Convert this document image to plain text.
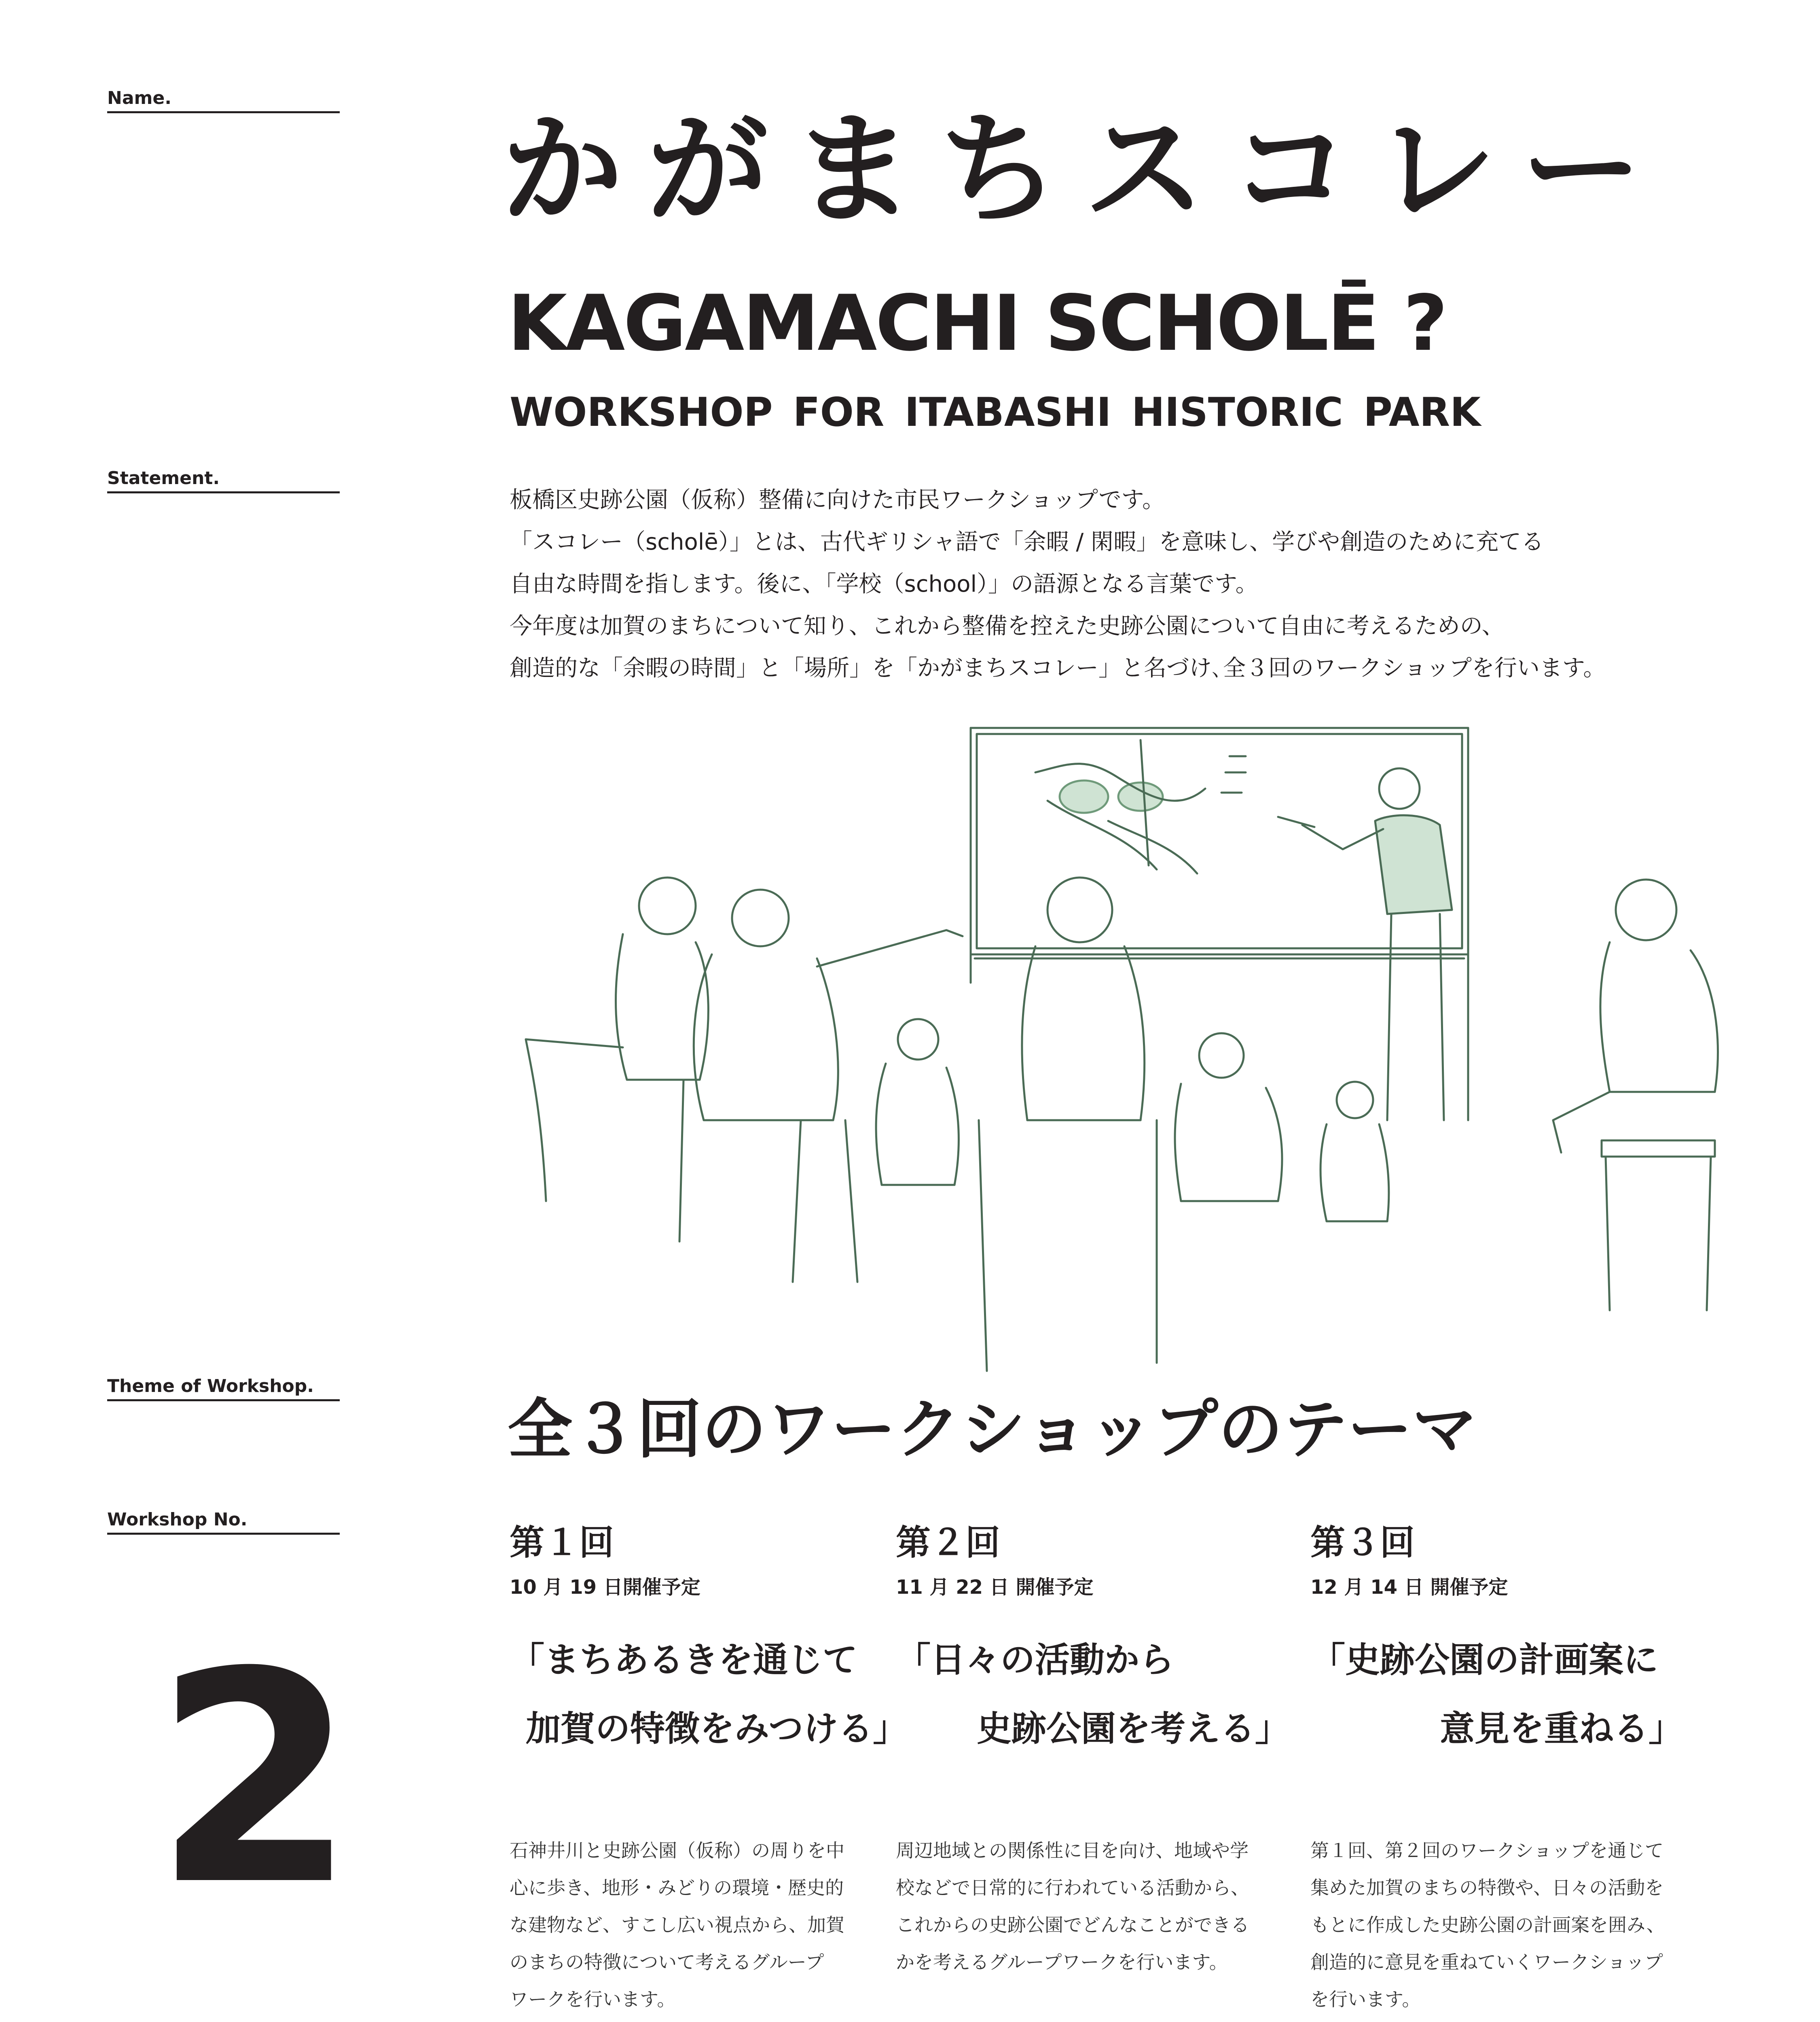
Name.
Statement.
Theme of Workshop.
Workshop No.
2
かがまちスコレー
KAGAMACHI SCHOLĒ ?
WORKSHOP FOR ITABASHI HISTORIC PARK
板橋区史跡公園（仮称）整備に向けた市民ワークショップです。
「スコレー（scholē）」とは、古代ギリシャ語で「余暇 / 閑暇」を意味し、学びや創造のために充てる
自由な時間を指します。後に、「学校（school）」の語源となる言葉です。
今年度は加賀のまちについて知り、これから整備を控えた史跡公園について自由に考えるための、
創造的な「余暇の時間」と「場所」を「かがまちスコレー」と名づけ､全３回のワークショップを行います。
全３回のワークショップのテーマ
第１回
10 月 19 日開催予定
「まちあるきを通じて
加賀の特徴をみつける」
石神井川と史跡公園（仮称）の周りを中
心に歩き、地形・みどりの環境・歴史的
な建物など、すこし広い視点から、加賀
のまちの特徴について考えるグループ
ワークを行います。
第２回
11 月 22 日 開催予定
「日々の活動から
史跡公園を考える」
周辺地域との関係性に目を向け、地域や学
校などで日常的に行われている活動から、
これからの史跡公園でどんなことができる
かを考えるグループワークを行います。
第３回
12 月 14 日 開催予定
「史跡公園の計画案に
意見を重ねる」
第１回、第２回のワークショップを通じて
集めた加賀のまちの特徴や、日々の活動を
もとに作成した史跡公園の計画案を囲み、
創造的に意見を重ねていくワークショップ
を行います。
